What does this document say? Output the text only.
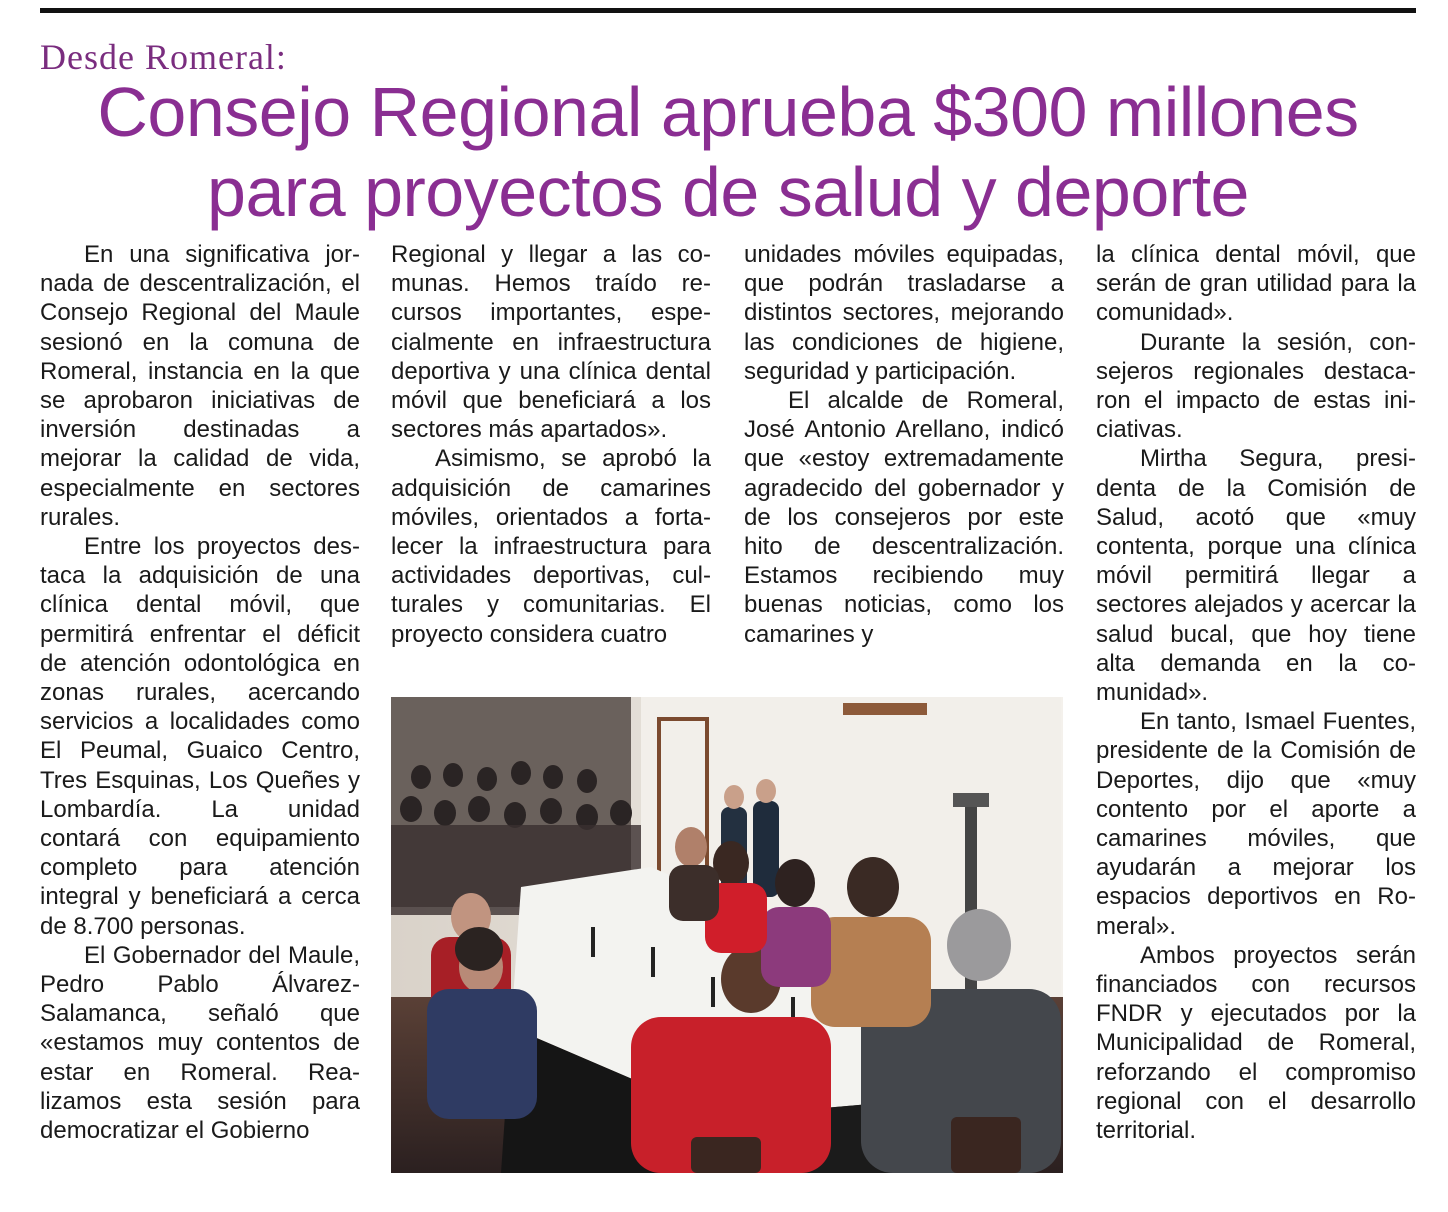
Desde Romeral:
Consejo Regional aprueba $300 millones
para proyectos de salud y deporte

En una significativa jornada de descentralización, el Consejo Regional del Maule sesionó en la comuna de Romeral, instancia en la que se aprobaron iniciativas de inversión destinadas a mejorar la calidad de vida, especialmente en sectores rurales.

Entre los proyectos destaca la adquisición de una clínica dental móvil, que permitirá enfrentar el déficit de atención odontológica en zonas rurales, acercando servicios a localidades como El Peumal, Guaico Centro, Tres Esquinas, Los Queñes y Lombardía. La unidad contará con equipamiento completo para atención integral y beneficiará a cerca de 8.700 personas.

El Gobernador del Maule, Pedro Pablo Álvarez-Salamanca, señaló que «estamos muy contentos de estar en Romeral. Realizamos esta sesión para democratizar el Gobierno

Regional y llegar a las comunas. Hemos traído recursos importantes, especialmente en infraestructura deportiva y una clínica dental móvil que beneficiará a los sectores más apartados».

Asimismo, se aprobó la adquisición de camarines móviles, orientados a fortalecer la infraestructura para actividades deportivas, culturales y comunitarias. El proyecto considera cuatro

unidades móviles equipadas, que podrán trasladarse a distintos sectores, mejorando las condiciones de higiene, seguridad y participación.

El alcalde de Romeral, José Antonio Arellano, indicó que «estoy extremadamente agradecido del gobernador y de los consejeros por este hito de descentralización. Estamos recibiendo muy buenas noticias, como los camarines y

la clínica dental móvil, que serán de gran utilidad para la comunidad».

Durante la sesión, consejeros regionales destacaron el impacto de estas iniciativas.

Mirtha Segura, presidenta de la Comisión de Salud, acotó que «muy contenta, porque una clínica móvil permitirá llegar a sectores alejados y acercar la salud bucal, que hoy tiene alta demanda en la comunidad».

En tanto, Ismael Fuentes, presidente de la Comisión de Deportes, dijo que «muy contento por el aporte a camarines móviles, que ayudarán a mejorar los espacios deportivos en Romeral».

Ambos proyectos serán financiados con recursos FNDR y ejecutados por la Municipalidad de Romeral, reforzando el compromiso regional con el desarrollo territorial.
